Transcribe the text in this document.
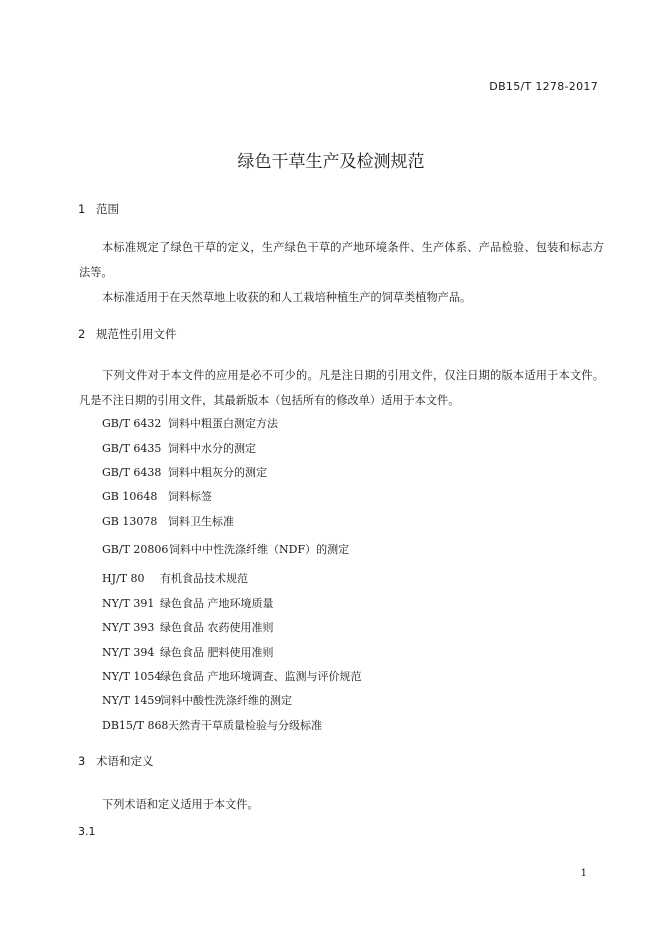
DB15/T 1278-2017
绿色干草生产及检测规范
1 范围
本标准规定了绿色干草的定义，生产绿色干草的产地环境条件、生产体系、产品检验、包装和标志方法等。
本标准适用于在天然草地上收获的和人工栽培种植生产的饲草类植物产品。
2 规范性引用文件
下列文件对于本文件的应用是必不可少的。凡是注日期的引用文件，仅注日期的版本适用于本文件。凡是不注日期的引用文件，其最新版本（包括所有的修改单）适用于本文件。
GB/T 6432 饲料中粗蛋白测定方法
GB/T 6435 饲料中水分的测定
GB/T 6438 饲料中粗灰分的测定
GB 10648 饲料标签
GB 13078 饲料卫生标准
GB/T 20806饲料中中性洗涤纤维（NDF）的测定
HJ/T 80 有机食品技术规范
NY/T 391 绿色食品 产地环境质量
NY/T 393 绿色食品 农药使用准则
NY/T 394 绿色食品 肥料使用准则
NY/T 1054绿色食品 产地环境调查、监测与评价规范
NY/T 1459饲料中酸性洗涤纤维的测定
DB15/T 868天然青干草质量检验与分级标准
3 术语和定义
下列术语和定义适用于本文件。
3.1
1
